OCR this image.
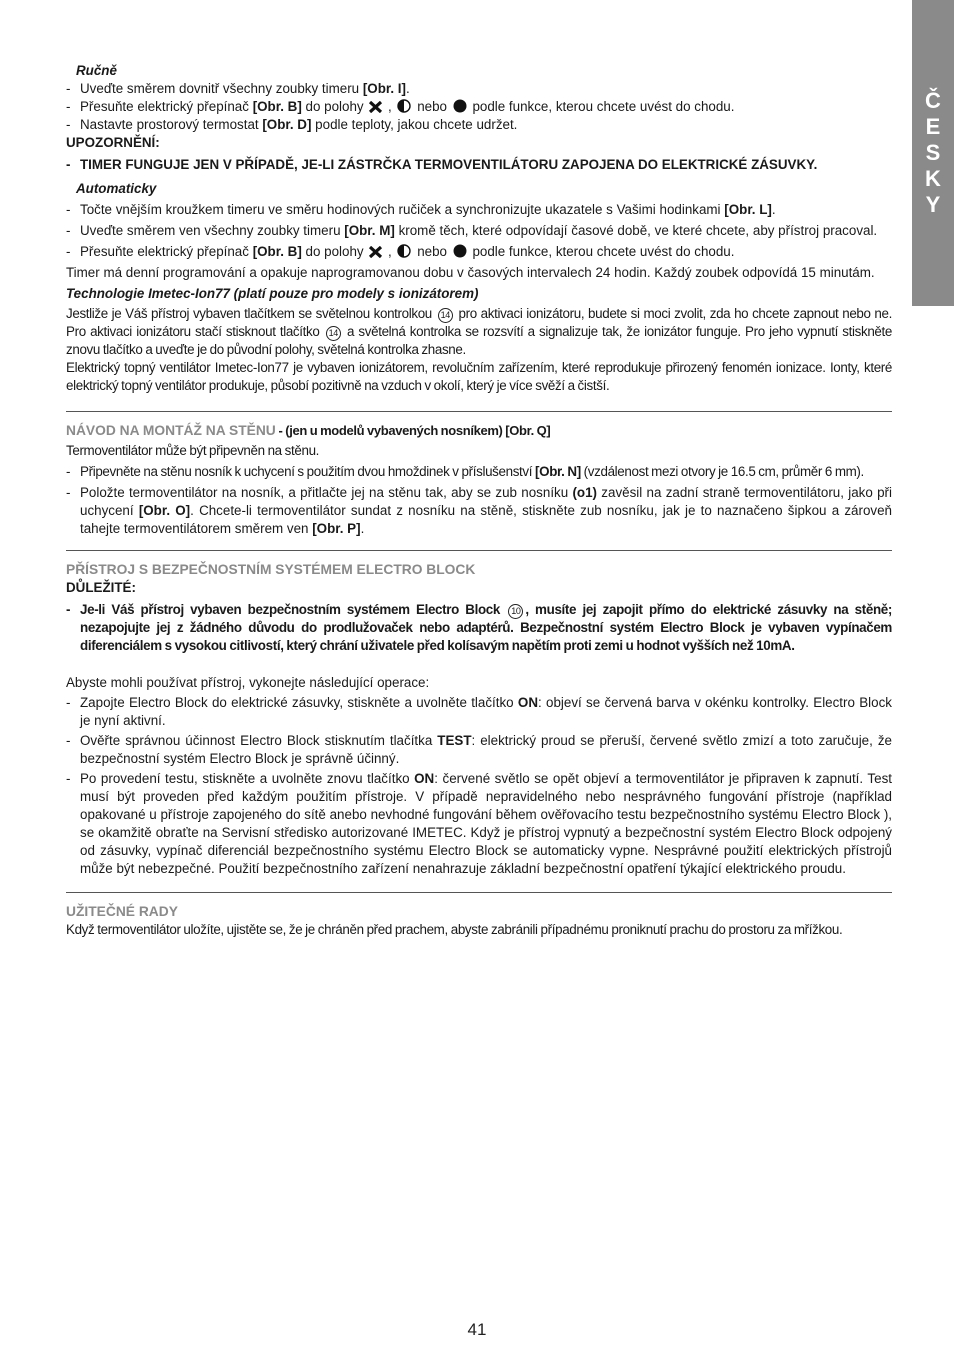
Č
E
S
K
Y

Ručně

- Uveďte směrem dovnitř všechny zoubky timeru [Obr. I].

- Přesuňte elektrický přepínač [Obr. B] do polohy  ,  nebo  podle funkce, kterou chcete uvést do chodu.

- Nastavte prostorový termostat [Obr. D] podle teploty, jakou chcete udržet.

UPOZORNĚNÍ:

- TIMER FUNGUJE JEN V PŘÍPADĚ, JE-LI ZÁSTRČKA TERMOVENTILÁTORU ZAPOJENA DO ELEKTRICKÉ ZÁSUVKY.

Automaticky

- Točte vnějším kroužkem timeru ve směru hodinových ručiček a synchronizujte ukazatele s Vašimi hodinkami [Obr. L].

- Uveďte směrem ven všechny zoubky timeru [Obr. M] kromě těch, které odpovídají časové době, ve které chcete, aby přístroj pracoval.

- Přesuňte elektrický přepínač [Obr. B] do polohy  ,  nebo  podle funkce, kterou chcete uvést do chodu.

Timer má denní programování a opakuje naprogramovanou dobu v časových intervalech 24 hodin. Každý zoubek odpovídá 15 minutám.

Technologie Imetec-Ion77 (platí pouze pro modely s ionizátorem)

Jestliže je Váš přístroj vybaven tlačítkem se světelnou kontrolkou 14 pro aktivaci ionizátoru, budete si moci zvolit, zda ho chcete zapnout nebo ne. Pro aktivaci ionizátoru stačí stisknout tlačítko 14 a světelná kontrolka se rozsvítí a signalizuje tak, že ionizátor funguje. Pro jeho vypnutí stiskněte znovu tlačítko a uveďte je do původní polohy, světelná kontrolka zhasne.

Elektrický topný ventilátor Imetec-Ion77 je vybaven ionizátorem, revolučním zařízením, které reprodukuje přirozený fenomén ionizace. Ionty, které elektrický topný ventilátor produkuje, působí pozitivně na vzduch v okolí, který je více svěží a čistší.

NÁVOD NA MONTÁŽ NA STĚNU - (jen u modelů vybavených nosníkem) [Obr. Q]

Termoventilátor může být připevněn na stěnu.

- Připevněte na stěnu nosník k uchycení s použitím dvou hmoždinek v příslušenství [Obr. N] (vzdálenost mezi otvory je 16.5 cm, průměr 6 mm).

- Položte termoventilátor na nosník, a přitlačte jej na stěnu tak, aby se zub nosníku (o1) zavěsil na zadní straně termoventilátoru, jako při uchycení [Obr. O]. Chcete-li termoventilátor sundat z nosníku na stěně, stiskněte zub nosníku, jak je to naznačeno šipkou a zároveň tahejte termoventilátorem směrem ven [Obr. P].

PŘÍSTROJ S BEZPEČNOSTNÍM SYSTÉMEM ELECTRO BLOCK

DŮLEŽITÉ:

- Je-li Váš přístroj vybaven bezpečnostním systémem Electro Block 10 , musíte jej zapojit přímo do elektrické zásuvky na stěně; nezapojujte jej z žádného důvodu do prodlužovaček nebo adaptérů. Bezpečnostní systém Electro Block je vybaven vypínačem diferenciálem s vysokou citlivostí, který chrání uživatele před kolísavým napětím proti zemi u hodnot vyšších než 10mA.

Abyste mohli používat přístroj, vykonejte následující operace:

- Zapojte Electro Block do elektrické zásuvky, stiskněte a uvolněte tlačítko ON: objeví se červená barva v okénku kontrolky. Electro Block je nyní aktivní.

- Ověřte správnou účinnost Electro Block stisknutím tlačítka TEST: elektrický proud se přeruší, červené světlo zmizí a toto zaručuje, že bezpečnostní systém Electro Block je správně účinný.

- Po provedení testu, stiskněte a uvolněte znovu tlačítko ON: červené světlo se opět objeví a termoventilátor je připraven k zapnutí. Test musí být proveden před každým použitím přístroje. V případě nepravidelného nebo nesprávného fungování přístroje (například opakované u přístroje zapojeného do sítě anebo nevhodné fungování během ověřovacího testu bezpečnostního systému Electro Block ), se okamžitě obraťte na Servisní středisko autorizované IMETEC. Když je přístroj vypnutý a bezpečnostní systém Electro Block odpojený od zásuvky, vypínač diferenciál bezpečnostního systému Electro Block se automaticky vypne. Nesprávné použití elektrických přístrojů může být nebezpečné. Použití bezpečnostního zařízení nenahrazuje základní bezpečnostní opatření týkající elektrického proudu.

UŽITEČNÉ RADY

Když termoventilátor uložíte, ujistěte se, že je chráněn před prachem, abyste zabránili případnému proniknutí prachu do prostoru za mřížkou.

41
